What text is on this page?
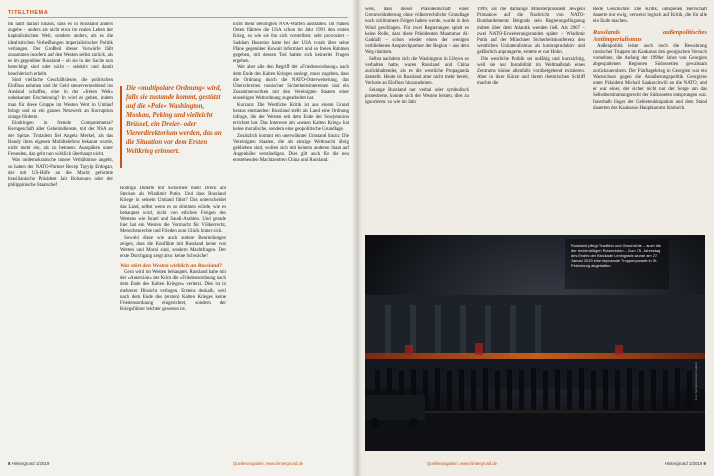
TITELTHEMA

tik läuft darauf hinaus, dass es in Russland anders zugehe – anders als nicht etwa im realen Leben der kapitalistischen Welt, sondern anders, als es die idealistischen Verheißungen imperialistischer Politik verlangen. Der Großteil dieser Vorwürfe fällt zusammen insofern auf den Westen selbst zurück, als es im gegenüber Russland – ob sie in der Sache nun berechtigt sind oder nicht – selektiv und damit heuchlerisch erhebt.

Sind vielfache Geschäftsleute, die politischen Einfluss nehmen und ihr Geld steuervermeidend ins Ausland schaffen, eine in der »freien Welt« unbekannte Erscheinung? In wird es gelten, indem man für diese Gruppe im Westen Wert in Umlauf bringt und so ein ganzes Netzwerk an Korruption zutage förderte.

Eindringen in fremde Computernetze? Kerngeschäft aller Geheimdienste, mit der NSA an der Spitze. Trotzdem fiel Angela Merkel, als das Handy ihres eigenen Mobiltelefons bekannt wurde, nicht mehr ein, als zu betonen: Ausspähen unter Freunden, das geht nun wirklich überhaupt nicht.

Was undemokratische innere Verhältnisse angeht, so haben der NATO-Partner Recep Tayyip Erdogan, der mit US-Hilfe an die Macht geformte brasilianische Präsident Jair Bolsonaro oder der philippinische Staatschef

Die »multipolare Ordnung« wird, falls sie zustande kommt, gestützt auf die »Pole« Washington, Moskau, Peking und vielleicht Brüssel, ein Dreier- oder Viererdirektorium werden, das an die Situation vor dem Ersten Weltkrieg erinnert.

Rodrigo Duterte mit Sicherheit mehr Dreck am Stecken als Wladimir Putin. Und dass Russland Kriege in seinem Umland führt? Das unterscheidet das Land, selbst wenn es so stimmen würde, wie es behauptet wird, nicht von etlichen Freigen des Westens wie Israel und Saudi-Arabien. Und gerade hier hat ein Westen die Vormacht für Völkerrecht, Menschenrechte und Frieden zum Glück hinter sich.

Sowohl diese wie auch andere Beurteilungen zeigen, dass die Konflikte mit Russland keine von Werten und Moral sind, sondern Machtfragen. Der erste Durchgang zeigt also: keine Schwäche!

Was stört den Westen wirklich an Russland?

Gern wird im Westen behauptet, Russland habe mit der »Annexion« der Krim die »Friedensordnung nach dem Ende des Kalten Krieges« verletzt. Dies ist in mehrerer Hinsicht verlogen. Erstens deshalb, weil nach dem Ende des (ersten) Kalten Krieges keine Friedensordnung eingerichtet, sondern der Kriegsführer leichter gewesen ist.

nicht mehr benötigten NVA-Waffen ausstatten. Im Nahen Osten führten die USA schon im Jahr 1991 den ersten Krieg, so wie sie ihn sich vorstellten: sehr provoziert – Saddam Husseins hatte bei der USA vorab über seine Pläne gegenüber Kuwait informiert und so freien Rahmen gegeben, mit dessen Tod hatten sich keinerlei Fragen ergeben.

Wer aber alle den Begriff der »Friedensordnung« nach dem Ende des Kalten Krieges auslegt, muss zugeben, dass die Ordnung durch die NATO-Osterweiterung, das Überschreiten russischer Sicherheitsinteressen und ein Zusammenwirken mit den Vereinigten Staaten einer einseitigen Weltordnung zugearbeitet hat.

Kurzum: Die Westliche Kritik ist aus einem Grund heraus entstanden: Russland stellt als Land eine Ordnung infrage, die der Westen seit dem Ende der Sowjetunion errichtet hat. Das Interesse am »neuen Kalten Krieg« hat keine moralische, sondern eine geopolitische Grundlage.

Zusätzlich kommt ein unerwähnter Umstand hinzu: Die Vereinigten Staaten, die als einzige Weltmacht übrig geblieben sind, wollen sich mit keinem anderen Staat auf Augenhöhe verständigen. Dies gilt auch für die neu entstehenden Machtzentren China und Russland.

8 Hintergrund 1/2019	Quellenangaben: www.hintergrund.de

weis, dass dieser Präsidentschaft einer Grenzveränderung ohne völkerrechtliche Grundlage noch schlimmere Folgen haben werde, wurde in den Wind geschlagen. Für zwei Regierungen spielt es keine Rolle, dass diese Präsidenten Muammar Al-Gaddafi – schon wieder einen der wenigen verbliebenen Ansprechpartner der Region – aus dem Weg räumten.

Selbst nachdem sich die Washington in Libyen so verhalten hatte, waren Russland und China zurückhaltender, als es die westliche Propaganda darstellt. Heute ist Russland aber nicht mehr bereit, Verluste an Einfluss hinzunehmen.

Solange Russland nur verbal oder symbolisch protestierte, konnte sich der Westen leisten, dies zu ignorieren: so wie im Jahr

1999, als die damalige Ministerpräsident Jewgeni Primakow auf die Nachricht von NATO-Bombardements Belgrads sein Regierungsflugzeug mitten über dem Atlantik wenden ließ. Als 2007 – zwei NATO-Erweiterungsrunden später – Wladimir Putin auf der Münchner Sicherheitskonferenz den westlichen Unilateralismus als kontraproduktiv und gefährlich anprangerte, erntete er nur Hohn.

Die westliche Politik sei unfähig und kurzsichtig, weil sie nur Instabilität im Weltmaßstab eines Zentrums könne allenfalls vorübergehend existieren. Aber in ihrer Kürze und ihrem rhetorischen Schliff machte die

Rede Geschichte: Die Kritik, umspielen Herrschaft dauerte nur ewig, verweist logisch auf Kritik, die für alle ein Ende machen.

Russlands außenpolitisches Antiimperialismus

Außenpolitik leiste auch noch die Bewahrung russischer Truppen im Kaukasus den georgischen Versuch vornehme, die Anfang der 1990er Jahre von Georgien abgespaltenen Regionen Südossetien gewaltsam zurückzuerobern. Der Fünftagekrieg in Georgien war ein Warnschuss gegen die Annäherungspolitik Georgiens unter Präsident Michail Saakaschwili an die NATO, und er war einer, der sicher nicht nur der Sorge um das Selbstbestimmungsrecht der Südosseten entsprungen war. Innerhalb linger der Gebieteokkupation und dem Stand dauerten des Kaukasus-Hauptkamms hindurch.

Russland pflegt Tradition und Geschichte – auch die der rechtmäßigen Rotarmisten – Zum 75. Jahrestag des Endes der Blockade Leningrads wurde am 27. Januar 2019 eine imposante Truppenparade in St. Petersburg abgehalten.
Foto: Sputnik/Alexander Galperin
Quellenangaben: www.hintergrund.de	Hintergrund 1/2019 9
